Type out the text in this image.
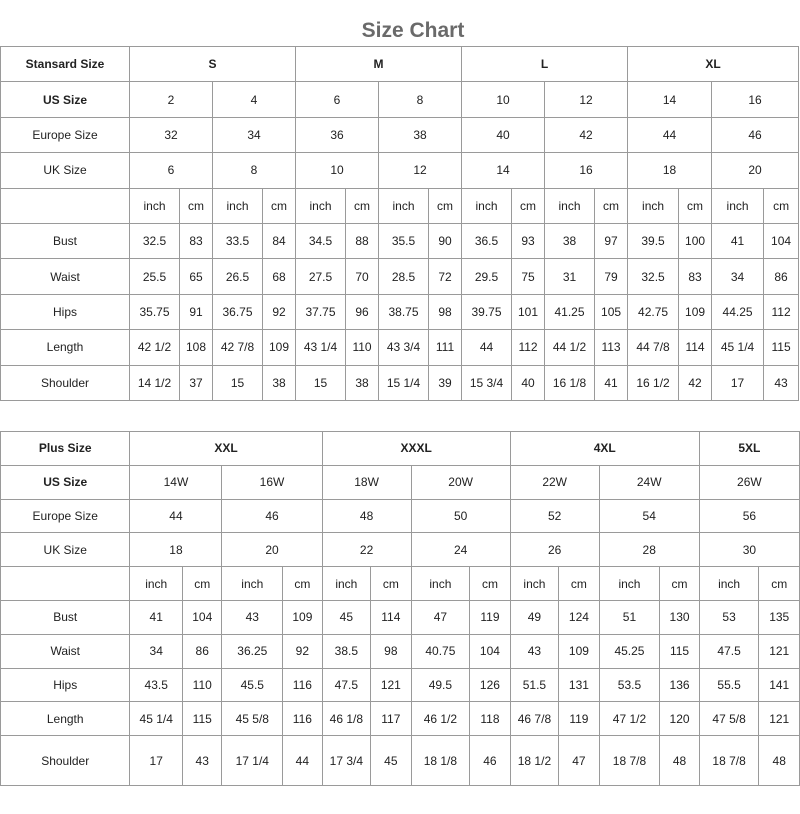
Size Chart
Stansard Size	S				M				L				XL			
US Size	2		4		6		8		10		12		14		16	
Europe Size	32		34		36		38		40		42		44		46	
UK Size	6		8		10		12		14		16		18		20	
	inch	cm	inch	cm	inch	cm	inch	cm	inch	cm	inch	cm	inch	cm	inch	cm
Bust	32.5	83	33.5	84	34.5	88	35.5	90	36.5	93	38	97	39.5	100	41	104
Waist	25.5	65	26.5	68	27.5	70	28.5	72	29.5	75	31	79	32.5	83	34	86
Hips	35.75	91	36.75	92	37.75	96	38.75	98	39.75	101	41.25	105	42.75	109	44.25	112
Length	42 1/2	108	42 7/8	109	43 1/4	110	43 3/4	111	44	112	44 1/2	113	44 7/8	114	45 1/4	115
Shoulder	14 1/2	37	15	38	15	38	15 1/4	39	15 3/4	40	16 1/8	41	16 1/2	42	17	43
Plus Size	XXL				XXXL				4XL				5XL	
US Size	14W		16W		18W		20W		22W		24W		26W	
Europe Size	44		46		48		50		52		54		56	
UK Size	18		20		22		24		26		28		30	
	inch	cm	inch	cm	inch	cm	inch	cm	inch	cm	inch	cm	inch	cm
Bust	41	104	43	109	45	114	47	119	49	124	51	130	53	135
Waist	34	86	36.25	92	38.5	98	40.75	104	43	109	45.25	115	47.5	121
Hips	43.5	110	45.5	116	47.5	121	49.5	126	51.5	131	53.5	136	55.5	141
Length	45 1/4	115	45 5/8	116	46 1/8	117	46 1/2	118	46 7/8	119	47 1/2	120	47 5/8	121
Shoulder	17	43	17 1/4	44	17 3/4	45	18 1/8	46	18 1/2	47	18 7/8	48	18 7/8	48
